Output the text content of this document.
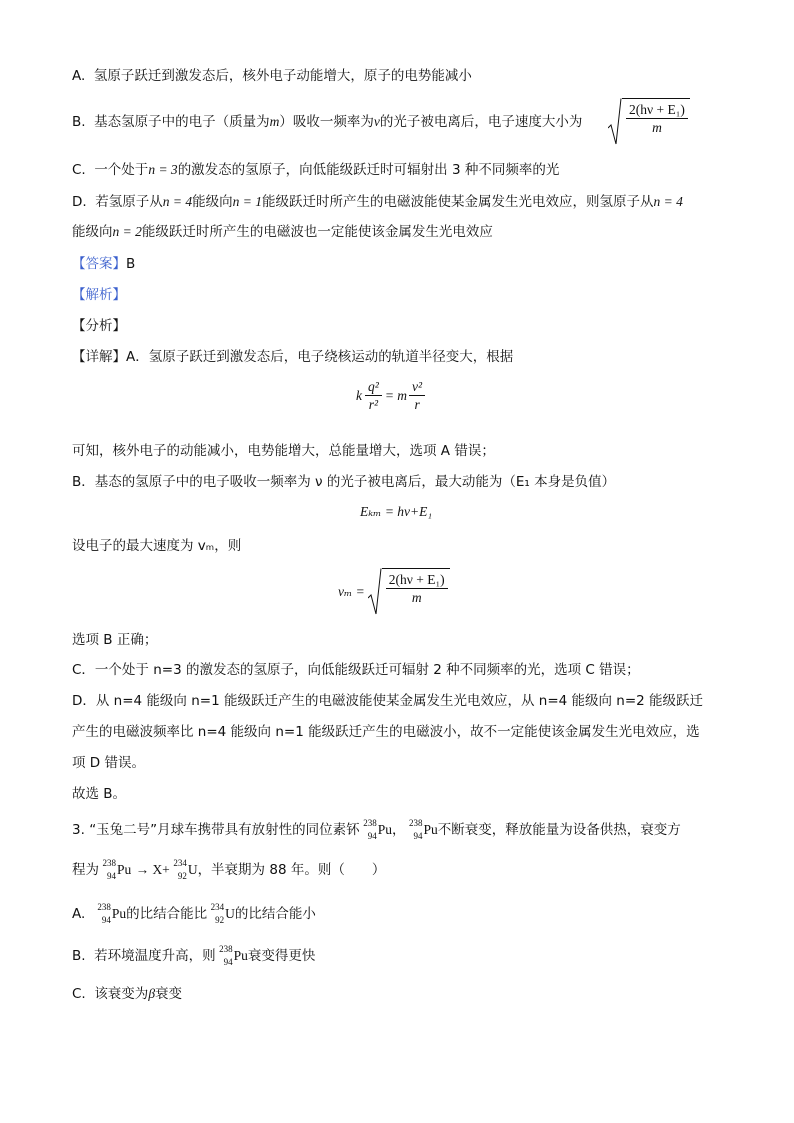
A. 氢原子跃迁到激发态后，核外电子动能增大，原子的电势能减小
B. 基态氢原子中的电子（质量为m）吸收一频率为ν的光子被电离后，电子速度大小为	$\frac{\text{2(hν + E₁)}}{m}$
C. 一个处于n = 3的激发态的氢原子，向低能级跃迁时可辐射出 3 种不同频率的光
D. 若氢原子从n = 4能级向n = 1能级跃迁时所产生的电磁波能使某金属发生光电效应，则氢原子从n = 4
能级向n = 2能级跃迁时所产生的电磁波也一定能使该金属发生光电效应
【答案】B
【解析】
【分析】
【详解】A．氢原子跃迁到激发态后，电子绕核运动的轨道半径变大，根据
k $\frac{\text{q²}}{\text{r²}} = m \frac{\text{v²}}{r}$
可知，核外电子的动能减小，电势能增大，总能量增大，选项 A 错误；
B．基态的氢原子中的电子吸收一频率为 ν 的光子被电离后，最大动能为（E₁ 本身是负值）
Eₖₘ = hν+E₁
设电子的最大速度为 vₘ，则
$v_m = \frac{\text{2(hν + E₁)}}{m}$
选项 B 正确；
C．一个处于 n=3 的激发态的氢原子，向低能级跃迁可辐射 2 种不同频率的光，选项 C 错误；
D．从 n=4 能级向 n=1 能级跃迁产生的电磁波能使某金属发生光电效应，从 n=4 能级向 n=2 能级跃迁
产生的电磁波频率比 n=4 能级向 n=1 能级跃迁产生的电磁波小，故不一定能使该金属发生光电效应，选
项 D 错误。
故选 B。
3. “玉兔二号”月球车携带具有放射性的同位素钚 238
94 Pu， 238
94 Pu不断衰变，释放能量为设备供热，衰变方
程为 238
94 Pu → X+ 234
92 U，半衰期为 88 年。则（　　）
A. 238
94 Pu的比结合能比 234
92 U的比结合能小
B. 若环境温度升高，则 238
94 Pu衰变得更快
C. 该衰变为β衰变
